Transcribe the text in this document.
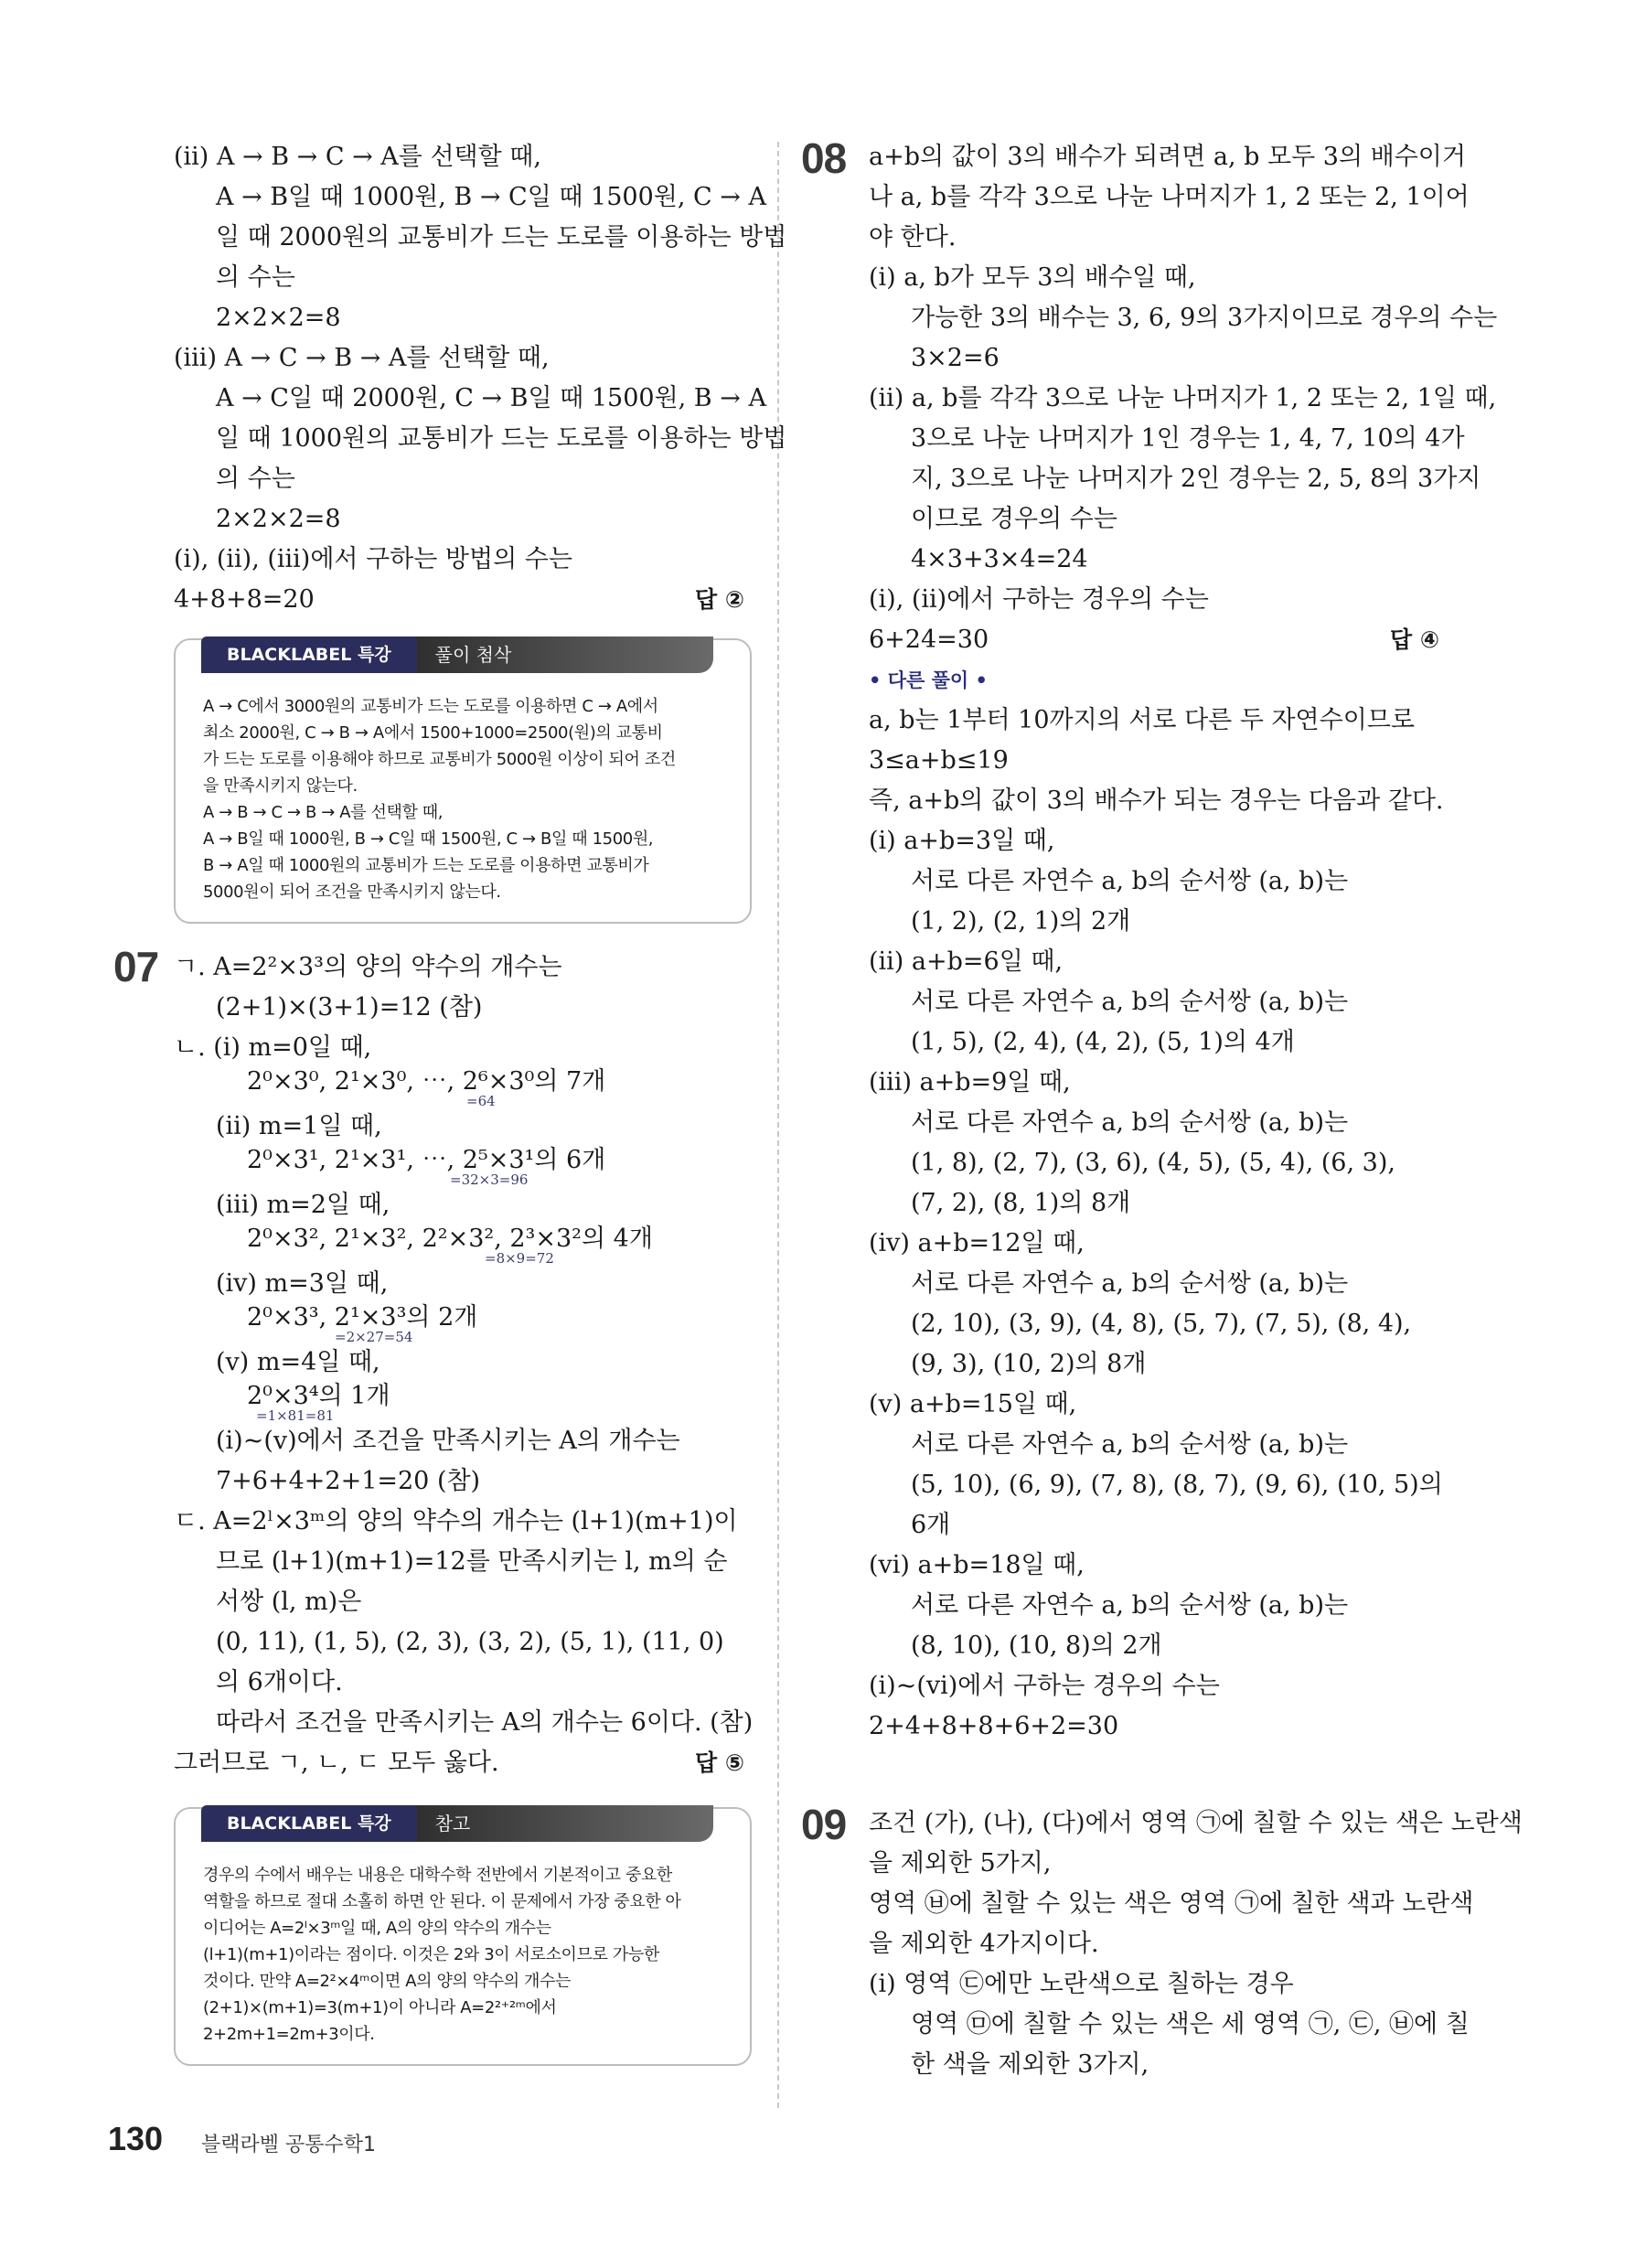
(ⅱ) A → B → C → A를 선택할 때,
A → B일 때 1000원, B → C일 때 1500원, C → A
일 때 2000원의 교통비가 드는 도로를 이용하는 방법
의 수는
2×2×2=8
(ⅲ) A → C → B → A를 선택할 때,
A → C일 때 2000원, C → B일 때 1500원, B → A
일 때 1000원의 교통비가 드는 도로를 이용하는 방법
의 수는
2×2×2=8
(ⅰ), (ⅱ), (ⅲ)에서 구하는 방법의 수는
4+8+8=20	답 ②
BLACKLABEL 특강	풀이 첨삭

A → C에서 3000원의 교통비가 드는 도로를 이용하면 C → A에서

최소 2000원, C → B → A에서 1500+1000=2500(원)의 교통비

가 드는 도로를 이용해야 하므로 교통비가 5000원 이상이 되어 조건

을 만족시키지 않는다.

A → B → C → B → A를 선택할 때,

A → B일 때 1000원, B → C일 때 1500원, C → B일 때 1500원,

B → A일 때 1000원의 교통비가 드는 도로를 이용하면 교통비가

5000원이 되어 조건을 만족시키지 않는다.

07 ㄱ. A=2²×3³의 양의 약수의 개수는
(2+1)×(3+1)=12 (참)
ㄴ. (ⅰ) m=0일 때,
2⁰×3⁰, 2¹×3⁰, ⋯, 2⁶×3⁰의 7개
=64
(ⅱ) m=1일 때,
2⁰×3¹, 2¹×3¹, ⋯, 2⁵×3¹의 6개
=32×3=96
(ⅲ) m=2일 때,
2⁰×3², 2¹×3², 2²×3², 2³×3²의 4개
=8×9=72
(ⅳ) m=3일 때,
2⁰×3³, 2¹×3³의 2개
=2×27=54
(ⅴ) m=4일 때,
2⁰×3⁴의 1개
=1×81=81
(ⅰ)~(ⅴ)에서 조건을 만족시키는 A의 개수는
7+6+4+2+1=20 (참)
ㄷ. A=2ˡ×3ᵐ의 양의 약수의 개수는 (l+1)(m+1)이
므로 (l+1)(m+1)=12를 만족시키는 l, m의 순
서쌍 (l, m)은
(0, 11), (1, 5), (2, 3), (3, 2), (5, 1), (11, 0)
의 6개이다.
따라서 조건을 만족시키는 A의 개수는 6이다. (참)
그러므로 ㄱ, ㄴ, ㄷ 모두 옳다.	답 ⑤
BLACKLABEL 특강	참고

경우의 수에서 배우는 내용은 대학수학 전반에서 기본적이고 중요한

역할을 하므로 절대 소홀히 하면 안 된다. 이 문제에서 가장 중요한 아

이디어는 A=2ˡ×3ᵐ일 때, A의 양의 약수의 개수는

(l+1)(m+1)이라는 점이다. 이것은 2와 3이 서로소이므로 가능한

것이다. 만약 A=2²×4ᵐ이면 A의 양의 약수의 개수는

(2+1)×(m+1)=3(m+1)이 아니라 A=2²⁺²ᵐ에서

2+2m+1=2m+3이다.

08 a+b의 값이 3의 배수가 되려면 a, b 모두 3의 배수이거
나 a, b를 각각 3으로 나눈 나머지가 1, 2 또는 2, 1이어
야 한다.
(ⅰ) a, b가 모두 3의 배수일 때,
가능한 3의 배수는 3, 6, 9의 3가지이므로 경우의 수는
3×2=6
(ⅱ) a, b를 각각 3으로 나눈 나머지가 1, 2 또는 2, 1일 때,
3으로 나눈 나머지가 1인 경우는 1, 4, 7, 10의 4가
지, 3으로 나눈 나머지가 2인 경우는 2, 5, 8의 3가지
이므로 경우의 수는
4×3+3×4=24
(ⅰ), (ⅱ)에서 구하는 경우의 수는
6+24=30	답 ④
• 다른 풀이 •
a, b는 1부터 10까지의 서로 다른 두 자연수이므로
3≤a+b≤19
즉, a+b의 값이 3의 배수가 되는 경우는 다음과 같다.
(ⅰ) a+b=3일 때,
서로 다른 자연수 a, b의 순서쌍 (a, b)는
(1, 2), (2, 1)의 2개
(ⅱ) a+b=6일 때,
서로 다른 자연수 a, b의 순서쌍 (a, b)는
(1, 5), (2, 4), (4, 2), (5, 1)의 4개
(ⅲ) a+b=9일 때,
서로 다른 자연수 a, b의 순서쌍 (a, b)는
(1, 8), (2, 7), (3, 6), (4, 5), (5, 4), (6, 3),
(7, 2), (8, 1)의 8개
(ⅳ) a+b=12일 때,
서로 다른 자연수 a, b의 순서쌍 (a, b)는
(2, 10), (3, 9), (4, 8), (5, 7), (7, 5), (8, 4),
(9, 3), (10, 2)의 8개
(ⅴ) a+b=15일 때,
서로 다른 자연수 a, b의 순서쌍 (a, b)는
(5, 10), (6, 9), (7, 8), (8, 7), (9, 6), (10, 5)의
6개
(ⅵ) a+b=18일 때,
서로 다른 자연수 a, b의 순서쌍 (a, b)는
(8, 10), (10, 8)의 2개
(ⅰ)~(ⅵ)에서 구하는 경우의 수는
2+4+8+8+6+2=30
09 조건 (가), (나), (다)에서 영역 ㉠에 칠할 수 있는 색은 노란색
을 제외한 5가지,
영역 ㉥에 칠할 수 있는 색은 영역 ㉠에 칠한 색과 노란색
을 제외한 4가지이다.
(ⅰ) 영역 ㉢에만 노란색으로 칠하는 경우
영역 ㉤에 칠할 수 있는 색은 세 영역 ㉠, ㉢, ㉥에 칠
한 색을 제외한 3가지,
130 블랙라벨 공통수학1
